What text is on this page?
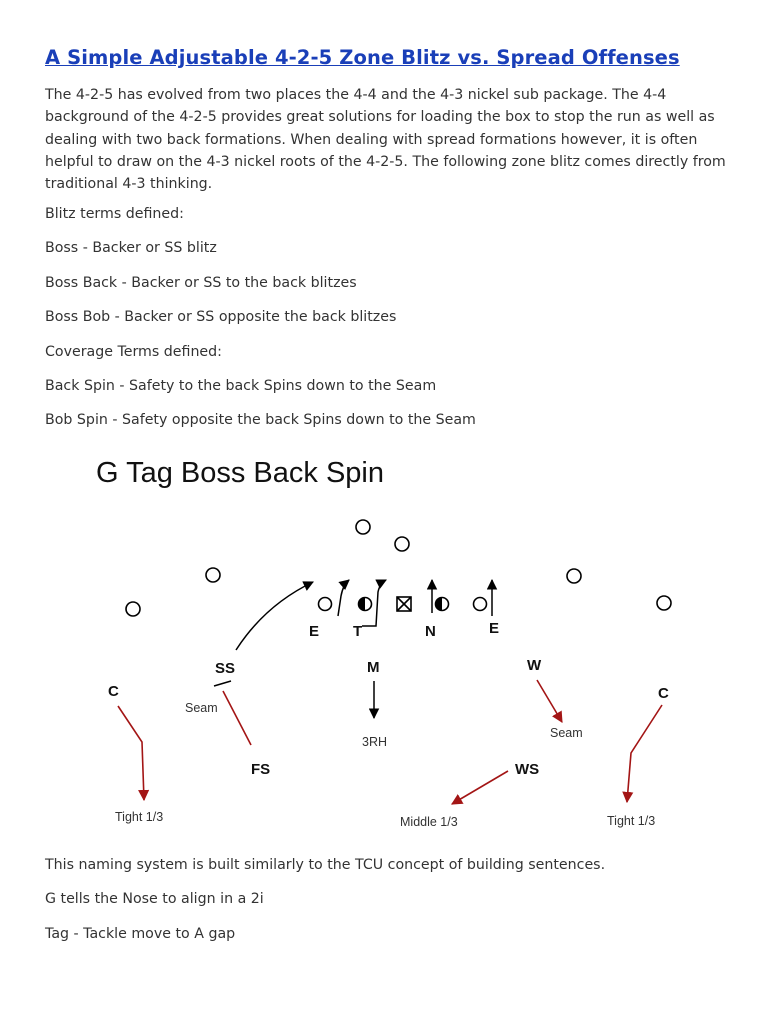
A Simple Adjustable 4-2-5 Zone Blitz vs. Spread Offenses

The 4-2-5 has evolved from two places the 4-4 and the 4-3 nickel sub package. The 4-4 background of the 4-2-5 provides great solutions for loading the box to stop the run as well as dealing with two back formations. When dealing with spread formations however, it is often helpful to draw on the 4-3 nickel roots of the 4-2-5. The following zone blitz comes directly from traditional 4-3 thinking.

Blitz terms defined:

Boss - Backer or SS blitz

Boss Back - Backer or SS to the back blitzes

Boss Bob - Backer or SS opposite the back blitzes

Coverage Terms defined:

Back Spin - Safety to the back Spins down to the Seam

Bob Spin - Safety opposite the back Spins down to the Seam

G Tag Boss Back Spin
E T	N	E
SS	M	W
C	C
FS	WS
Seam
Seam
3RH
Tight 1/3	Middle 1/3	Tight 1/3

This naming system is built similarly to the TCU concept of building sentences.

G tells the Nose to align in a 2i

Tag - Tackle move to A gap
